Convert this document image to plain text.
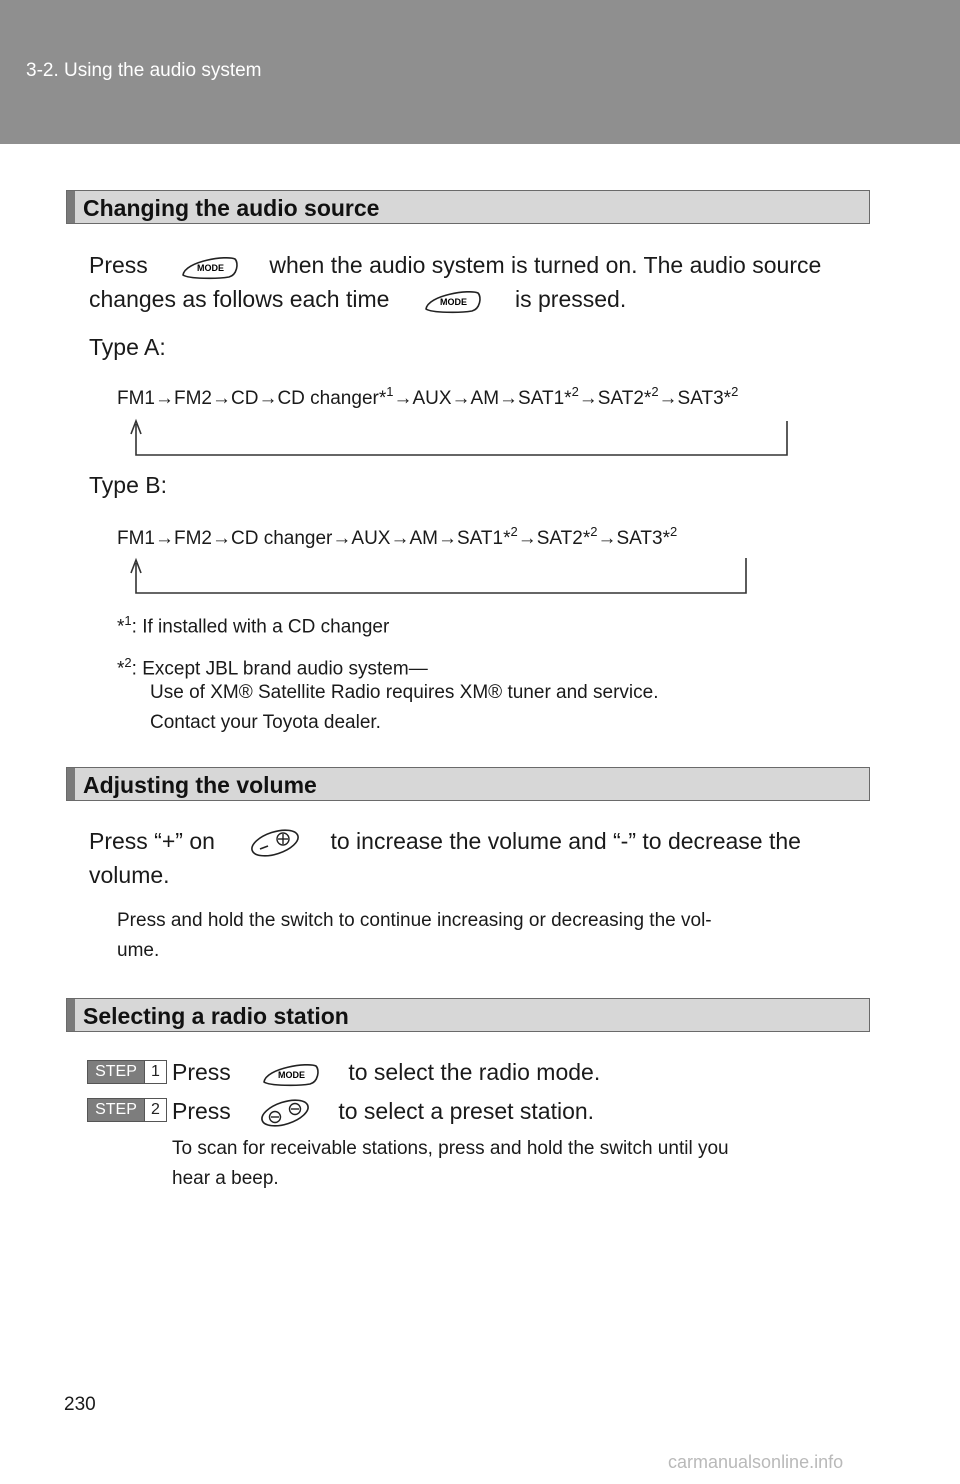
3-2. Using the audio system
Changing the audio source
Press	MODE when the audio system is turned on. The audio source
changes as follows each time	MODE is pressed.
Type A:
FM1→FM2→CD→CD changer*$^1$→AUX→AM→SAT1*$^2$→SAT2*$^2$→SAT3*$^2$
Type B:
FM1→FM2→CD changer→AUX→AM→SAT1*$^2$→SAT2*$^2$→SAT3*$^2$
*$^1$: If installed with a CD changer
*$^2$: Except JBL brand audio system—
Use of XM® Satellite Radio requires XM® tuner and service.
Contact your Toyota dealer.
Adjusting the volume
Press “+” on	to increase the volume and “-” to decrease the
volume.
Press and hold the switch to continue increasing or decreasing the vol-
ume.
Selecting a radio station
STEP 1 Press	MODE to select the radio mode.
STEP 2 Press	to select a preset station.
To scan for receivable stations, press and hold the switch until you
hear a beep.
230
carmanualsonline.info
